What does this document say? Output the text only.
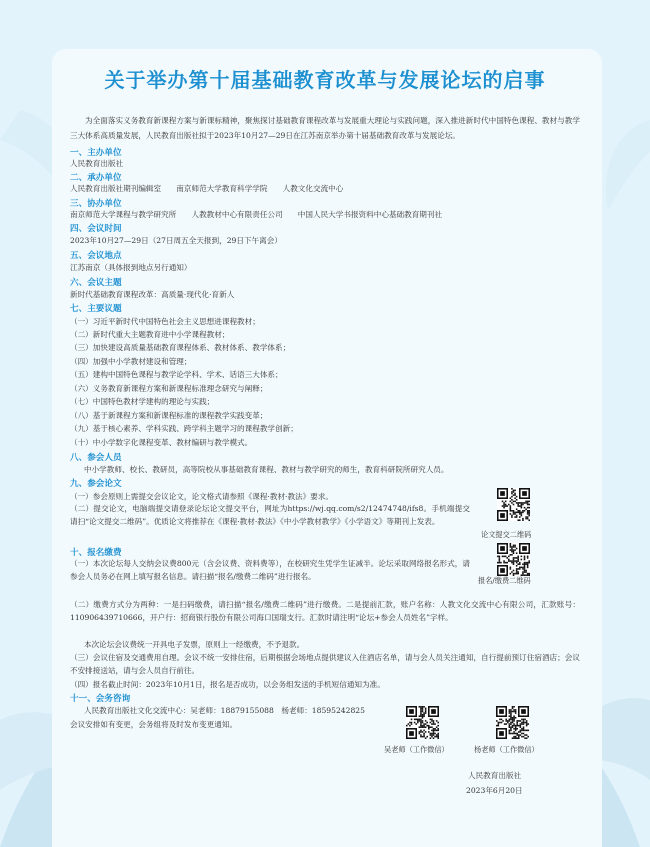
关于举办第十届基础教育改革与发展论坛的启事
为全面落实义务教育新课程方案与新课标精神，聚焦探讨基础教育课程改革与发展重大理论与实践问题，深入推进新时代中国特色课程、教材与教学三大体系高质量发展，人民教育出版社拟于2023年10月27—29日在江苏南京举办第十届基础教育改革与发展论坛。
一、主办单位
人民教育出版社
二、承办单位
人民教育出版社期刊编辑室　　南京师范大学教育科学学院　　人教文化交流中心
三、协办单位
南京师范大学课程与教学研究所　　人教教材中心有限责任公司　　中国人民大学书报资料中心基础教育期刊社
四、会议时间
2023年10月27—29日（27日周五全天报到，29日下午离会）
五、会议地点
江苏南京（具体报到地点另行通知）
六、会议主题
新时代基础教育课程改革：高质量·现代化·育新人
七、主要议题
（一）习近平新时代中国特色社会主义思想进课程教材；
（二）新时代重大主题教育进中小学课程教材；
（三）加快建设高质量基础教育课程体系、教材体系、教学体系；
（四）加强中小学教材建设和管理；
（五）建构中国特色课程与教学论学科、学术、话语三大体系；
（六）义务教育新课程方案和新课程标准理念研究与阐释；
（七）中国特色教材学建构的理论与实践；
（八）基于新课程方案和新课程标准的课程教学实践变革；
（九）基于核心素养、学科实践、跨学科主题学习的课程教学创新；
（十）中小学数字化课程变革、教材编研与教学模式。
八、参会人员
中小学教师、校长、教研员，高等院校从事基础教育课程、教材与教学研究的师生，教育科研院所研究人员。
九、参会论文
（一）参会原则上需提交会议论文，论文格式请参照《课程·教材·教法》要求。
（二）提交论文，电脑端提交请登录论坛论文提交平台，网址为https://wj.qq.com/s2/12474748/ifs8。手机端提交请扫“论文提交二维码”。优质论文将推荐在《课程·教材·教法》《中小学教材教学》《小学语文》等期刊上发表。
十、报名缴费
（一）本次论坛每人交纳会议费800元（含会议费、资料费等），在校研究生凭学生证减半。论坛采取网络报名形式，请参会人员务必在网上填写报名信息。请扫描“报名/缴费二维码”进行报名。
（二）缴费方式分为两种：一是扫码缴费，请扫描“报名/缴费二维码”进行缴费。二是提前汇款，账户名称：人教文化交流中心有限公司，汇款账号：110906439710666，开户行：招商银行股份有限公司海口国瑞支行。汇款时请注明“论坛+参会人员姓名”字样。
本次论坛会议费统一开具电子发票，原则上一经缴费，不予退款。
（三）会议住宿及交通费用自理。会议不统一安排住宿，后期根据会场地点提供建议入住酒店名单，请与会人员关注通知，自行提前预订住宿酒店；会议不安排接送站，请与会人员自行前往。
（四）报名截止时间：2023年10月1日，报名是否成功，以会务组发送的手机短信通知为准。
十一、会务咨询
人民教育出版社文化交流中心：吴老师：18879155088　杨老师：18595242825
会议安排如有变更，会务组将及时发布变更通知。
论文提交二维码
报名/缴费二维码
吴老师（工作微信）	杨老师（工作微信）
人民教育出版社
2023年6月20日
